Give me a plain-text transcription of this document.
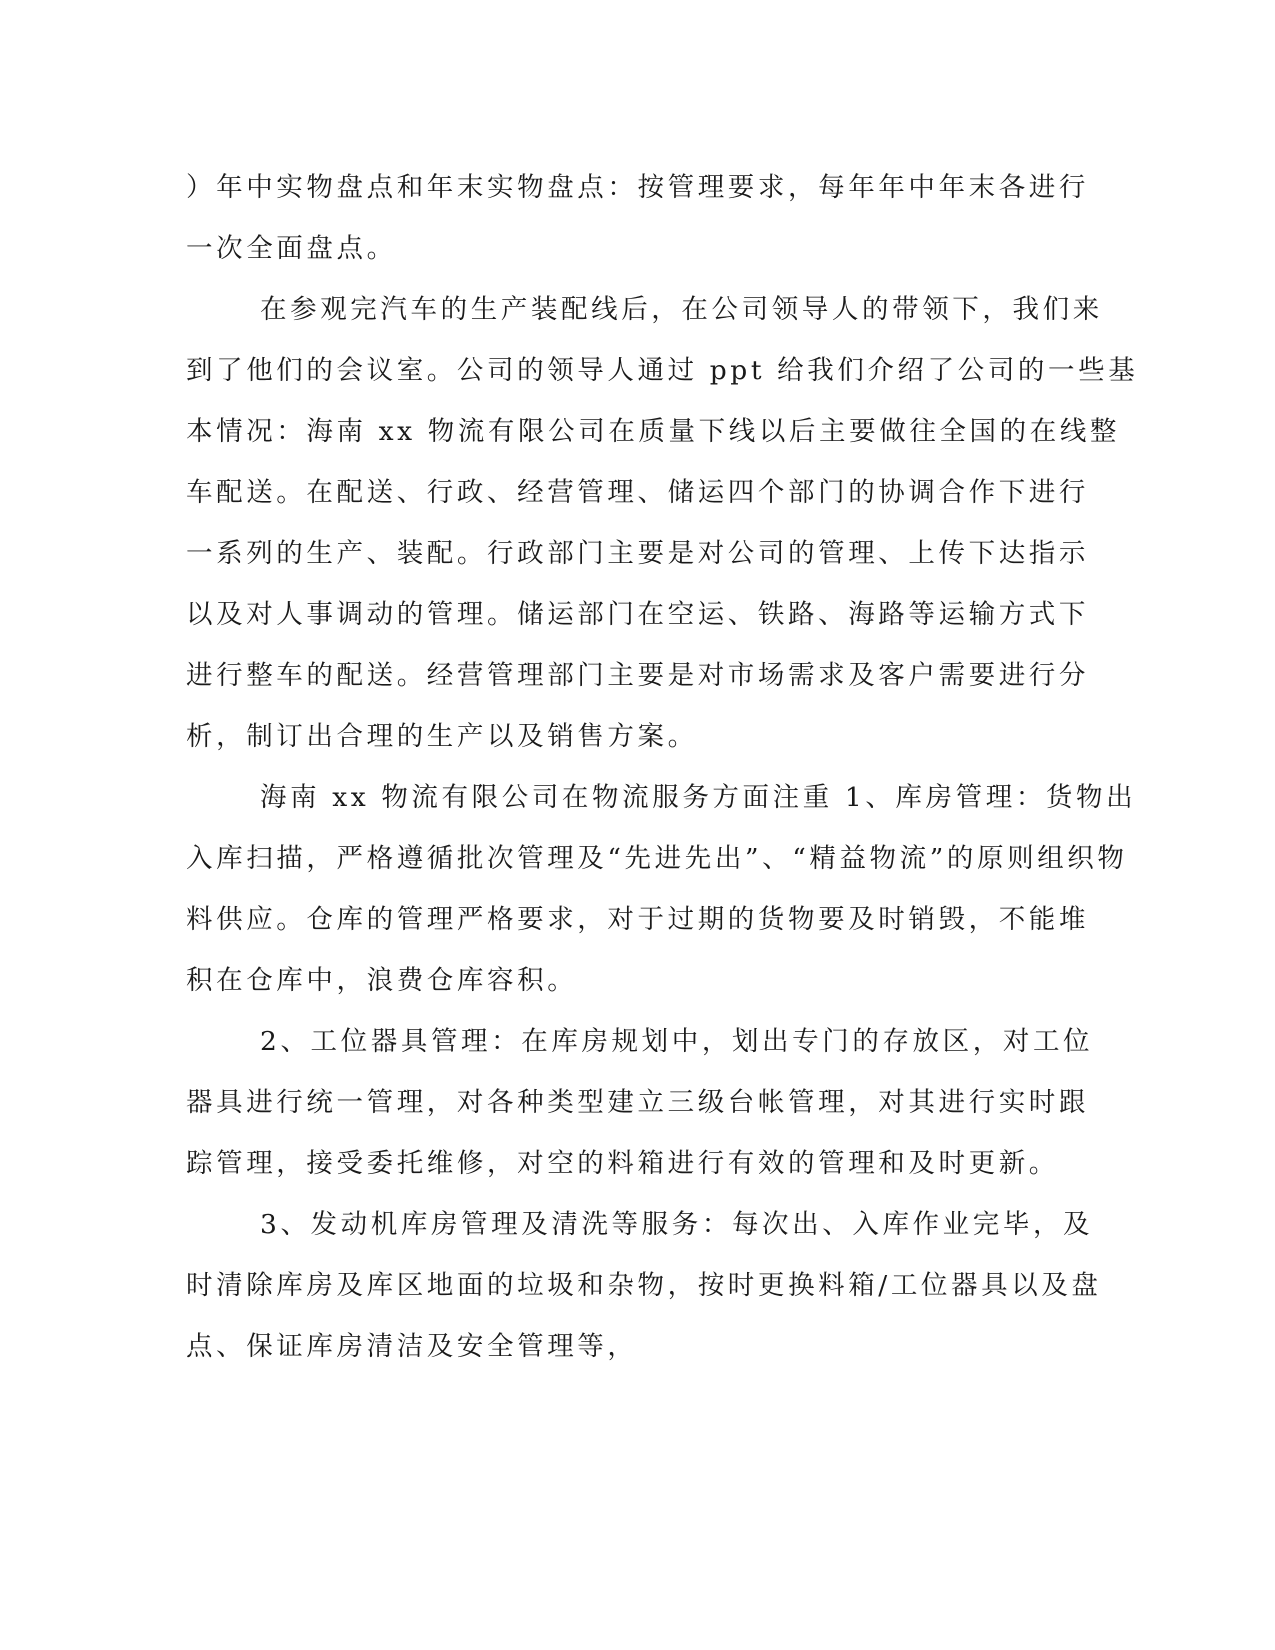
）年中实物盘点和年末实物盘点：按管理要求，每年年中年末各进行
一次全面盘点。
在参观完汽车的生产装配线后，在公司领导人的带领下，我们来
到了他们的会议室。公司的领导人通过 ppt 给我们介绍了公司的一些基
本情况：海南 xx 物流有限公司在质量下线以后主要做往全国的在线整
车配送。在配送、行政、经营管理、储运四个部门的协调合作下进行
一系列的生产、装配。行政部门主要是对公司的管理、上传下达指示
以及对人事调动的管理。储运部门在空运、铁路、海路等运输方式下
进行整车的配送。经营管理部门主要是对市场需求及客户需要进行分
析，制订出合理的生产以及销售方案。
海南 xx 物流有限公司在物流服务方面注重 1、库房管理：货物出
入库扫描，严格遵循批次管理及“先进先出”、“精益物流”的原则组织物
料供应。仓库的管理严格要求，对于过期的货物要及时销毁，不能堆
积在仓库中，浪费仓库容积。
2、工位器具管理：在库房规划中，划出专门的存放区，对工位
器具进行统一管理，对各种类型建立三级台帐管理，对其进行实时跟
踪管理，接受委托维修，对空的料箱进行有效的管理和及时更新。
3、发动机库房管理及清洗等服务：每次出、入库作业完毕，及
时清除库房及库区地面的垃圾和杂物，按时更换料箱/工位器具以及盘
点、保证库房清洁及安全管理等，
